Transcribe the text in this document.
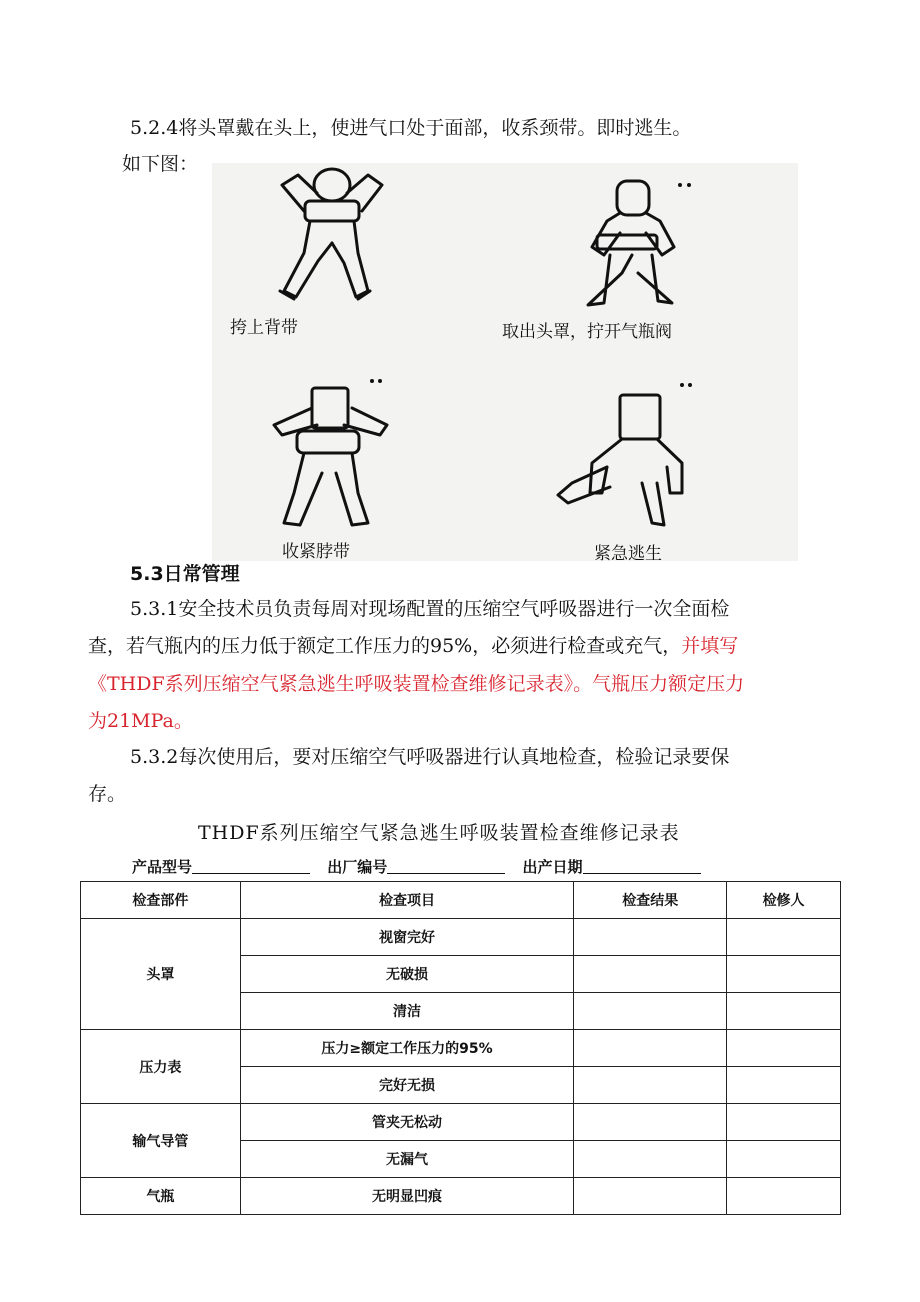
5.2.4将头罩戴在头上，使进气口处于面部，收系颈带。即时逃生。
如下图：
挎上背带	取出头罩，拧开气瓶阀
收紧脖带	紧急逃生
5.3日常管理
5.3.1安全技术员负责每周对现场配置的压缩空气呼吸器进行一次全面检
查，若气瓶内的压力低于额定工作压力的95%，必须进行检查或充气，并填写
《THDF系列压缩空气紧急逃生呼吸装置检查维修记录表》。气瓶压力额定压力
为21MPa。
5.3.2每次使用后，要对压缩空气呼吸器进行认真地检查，检验记录要保
存。
THDF系列压缩空气紧急逃生呼吸装置检查维修记录表
产品型号	出厂编号	出产日期
检查部件	检查项目	检查结果	检修人
头罩	视窗完好		
	无破损		
	清洁		
压力表	压力≥额定工作压力的95%		
	完好无损		
输气导管	管夹无松动		
	无漏气		
气瓶	无明显凹痕		
